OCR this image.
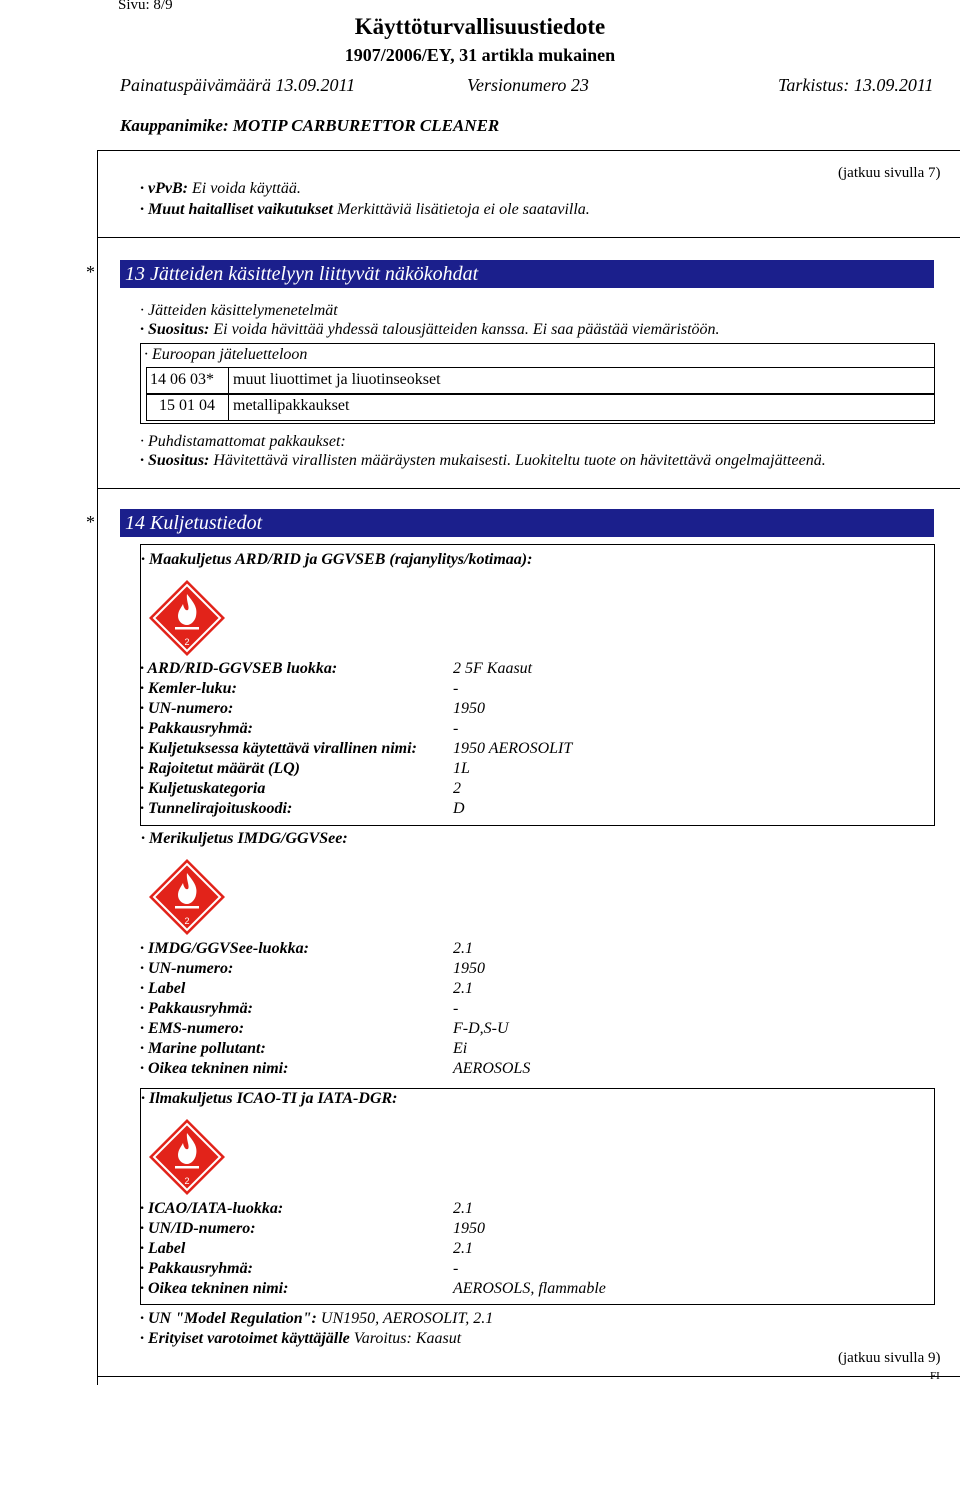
Sivu: 8/9
Käyttöturvallisuustiedote
1907/2006/EY, 31 artikla mukainen
Painatuspäivämäärä 13.09.2011	Versionumero 23	Tarkistus: 13.09.2011
Kauppanimike: MOTIP CARBURETTOR CLEANER
(jatkuu sivulla 7)
· vPvB: Ei voida käyttää.
· Muut haitalliset vaikutukset Merkittäviä lisätietoja ei ole saatavilla.
* 13 Jätteiden käsittelyyn liittyvät näkökohdat
· Jätteiden käsittelymenetelmät
· Suositus: Ei voida hävittää yhdessä talousjätteiden kanssa. Ei saa päästää viemäristöön.
· Euroopan jäteluetteloon
14 06 03* muut liuottimet ja liuotinseokset
15 01 04 metallipakkaukset
· Puhdistamattomat pakkaukset:
· Suositus: Hävitettävä virallisten määräysten mukaisesti. Luokiteltu tuote on hävitettävä ongelmajätteenä.
* 14 Kuljetustiedot
· Maakuljetus ARD/RID ja GGVSEB (rajanylitys/kotimaa):
2
· ARD/RID-GGVSEB luokka:	2 5F Kaasut
· Kemler-luku:	-
· UN-numero:	1950
· Pakkausryhmä:	-
· Kuljetuksessa käytettävä virallinen nimi: 1950 AEROSOLIT
· Rajoitetut määrät (LQ)	1L
· Kuljetuskategoria	2
· Tunnelirajoituskoodi:	D
· Merikuljetus IMDG/GGVSee:
2
· IMDG/GGVSee-luokka:	2.1
· UN-numero:	1950
· Label	2.1
· Pakkausryhmä:	-
· EMS-numero:	F-D,S-U
· Marine pollutant:	Ei
· Oikea tekninen nimi:	AEROSOLS
· Ilmakuljetus ICAO-TI ja IATA-DGR:
2
· ICAO/IATA-luokka:	2.1
· UN/ID-numero:	1950
· Label	2.1
· Pakkausryhmä:	-
· Oikea tekninen nimi:	AEROSOLS, flammable
· UN "Model Regulation": UN1950, AEROSOLIT, 2.1
· Erityiset varotoimet käyttäjälle Varoitus: Kaasut
(jatkuu sivulla 9)
FI
